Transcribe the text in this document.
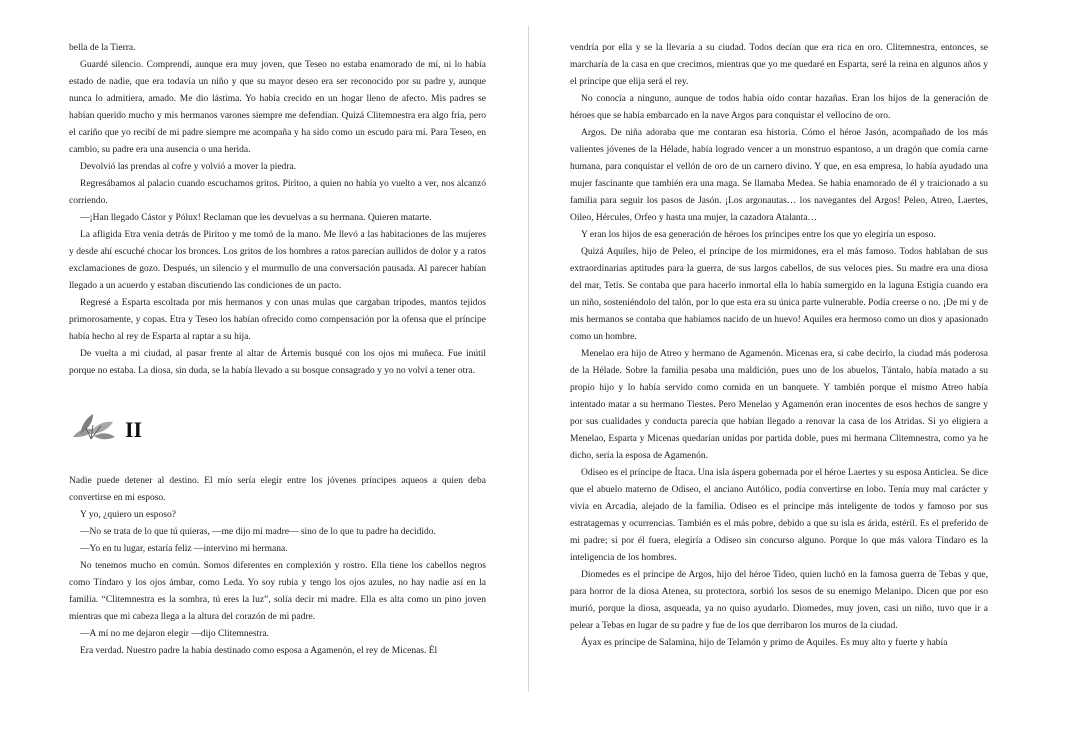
bella de la Tierra.

Guardé silencio. Comprendí, aunque era muy joven, que Teseo no estaba enamorado de mí, ni lo había estado de nadie, que era todavía un niño y que su mayor deseo era ser reconocido por su padre y, aunque nunca lo admitiera, amado. Me dio lástima. Yo había crecido en un hogar lleno de afecto. Mis padres se habían querido mucho y mis hermanos varones siempre me defendían. Quizá Clitemnestra era algo fría, pero el cariño que yo recibí de mi padre siempre me acompaña y ha sido como un escudo para mí. Para Teseo, en cambio, su padre era una ausencia o una herida.

Devolvió las prendas al cofre y volvió a mover la piedra.

Regresábamos al palacio cuando escuchamos gritos. Pirítoo, a quien no había yo vuelto a ver, nos alcanzó corriendo.

—¡Han llegado Cástor y Pólux! Reclaman que les devuelvas a su hermana. Quieren matarte.

La afligida Etra venía detrás de Pirítoo y me tomó de la mano. Me llevó a las habitaciones de las mujeres y desde ahí escuché chocar los bronces. Los gritos de los hombres a ratos parecían aullidos de dolor y a ratos exclamaciones de gozo. Después, un silencio y el murmullo de una conversación pausada. Al parecer habían llegado a un acuerdo y estaban discutiendo las condiciones de un pacto.

Regresé a Esparta escoltada por mis hermanos y con unas mulas que cargaban trípodes, mantos tejidos primorosamente, y copas. Etra y Teseo los habían ofrecido como compensación por la ofensa que el príncipe había hecho al rey de Esparta al raptar a su hija.

De vuelta a mi ciudad, al pasar frente al altar de Ártemis busqué con los ojos mi muñeca. Fue inútil porque no estaba. La diosa, sin duda, se la había llevado a su bosque consagrado y yo no volví a tener otra.

II

Nadie puede detener al destino. El mío sería elegir entre los jóvenes príncipes aqueos a quien deba convertirse en mi esposo.

Y yo, ¿quiero un esposo?

—No se trata de lo que tú quieras, —me dijo mi madre— sino de lo que tu padre ha decidido.

—Yo en tu lugar, estaría feliz —intervino mi hermana.

No tenemos mucho en común. Somos diferentes en complexión y rostro. Ella tiene los cabellos negros como Tíndaro y los ojos ámbar, como Leda. Yo soy rubia y tengo los ojos azules, no hay nadie así en la familia. “Clitemnestra es la sombra, tú eres la luz”, solía decir mi madre. Ella es alta como un pino joven mientras que mi cabeza llega a la altura del corazón de mi padre.

—A mí no me dejaron elegir —dijo Clitemnestra.

Era verdad. Nuestro padre la había destinado como esposa a Agamenón, el rey de Micenas. Él

vendría por ella y se la llevaría a su ciudad. Todos decían que era rica en oro. Clitemnestra, entonces, se marcharía de la casa en que crecimos, mientras que yo me quedaré en Esparta, seré la reina en algunos años y el príncipe que elija será el rey.

No conocía a ninguno, aunque de todos había oído contar hazañas. Eran los hijos de la generación de héroes que se había embarcado en la nave Argos para conquistar el vellocino de oro.

Argos. De niña adoraba que me contaran esa historia. Cómo el héroe Jasón, acompañado de los más valientes jóvenes de la Hélade, había logrado vencer a un monstruo espantoso, a un dragón que comía carne humana, para conquistar el vellón de oro de un carnero divino. Y que, en esa empresa, lo había ayudado una mujer fascinante que también era una maga. Se llamaba Medea. Se había enamorado de él y traicionado a su familia para seguir los pasos de Jasón. ¡Los argonautas… los navegantes del Argos! Peleo, Atreo, Laertes, Oileo, Hércules, Orfeo y hasta una mujer, la cazadora Atalanta…

Y eran los hijos de esa generación de héroes los príncipes entre los que yo elegiría un esposo.

Quizá Aquiles, hijo de Peleo, el príncipe de los mirmidones, era el más famoso. Todos hablaban de sus extraordinarias aptitudes para la guerra, de sus largos cabellos, de sus veloces pies. Su madre era una diosa del mar, Tetis. Se contaba que para hacerlo inmortal ella lo había sumergido en la laguna Estigia cuando era un niño, sosteniéndolo del talón, por lo que esta era su única parte vulnerable. Podía creerse o no. ¡De mí y de mis hermanos se contaba que habíamos nacido de un huevo! Aquiles era hermoso como un dios y apasionado como un hombre.

Menelao era hijo de Atreo y hermano de Agamenón. Micenas era, si cabe decirlo, la ciudad más poderosa de la Hélade. Sobre la familia pesaba una maldición, pues uno de los abuelos, Tántalo, había matado a su propio hijo y lo había servido como comida en un banquete. Y también porque el mismo Atreo había intentado matar a su hermano Tiestes. Pero Menelao y Agamenón eran inocentes de esos hechos de sangre y por sus cualidades y conducta parecía que habían llegado a renovar la casa de los Atridas. Si yo eligiera a Menelao, Esparta y Micenas quedarían unidas por partida doble, pues mi hermana Clitemnestra, como ya he dicho, sería la esposa de Agamenón.

Odiseo es el príncipe de Ítaca. Una isla áspera gobernada por el héroe Laertes y su esposa Anticlea. Se dice que el abuelo materno de Odiseo, el anciano Autólico, podía convertirse en lobo. Tenía muy mal carácter y vivía en Arcadia, alejado de la familia. Odiseo es el príncipe más inteligente de todos y famoso por sus estratagemas y ocurrencias. También es el más pobre, debido a que su isla es árida, estéril. Es el preferido de mi padre; si por él fuera, elegiría a Odiseo sin concurso alguno. Porque lo que más valora Tíndaro es la inteligencia de los hombres.

Diomedes es el príncipe de Argos, hijo del héroe Tideo, quien luchó en la famosa guerra de Tebas y que, para horror de la diosa Atenea, su protectora, sorbió los sesos de su enemigo Melanipo. Dicen que por eso murió, porque la diosa, asqueada, ya no quiso ayudarlo. Diomedes, muy joven, casi un niño, tuvo que ir a pelear a Tebas en lugar de su padre y fue de los que derribaron los muros de la ciudad.

Áyax es príncipe de Salamina, hijo de Telamón y primo de Aquiles. Es muy alto y fuerte y había
